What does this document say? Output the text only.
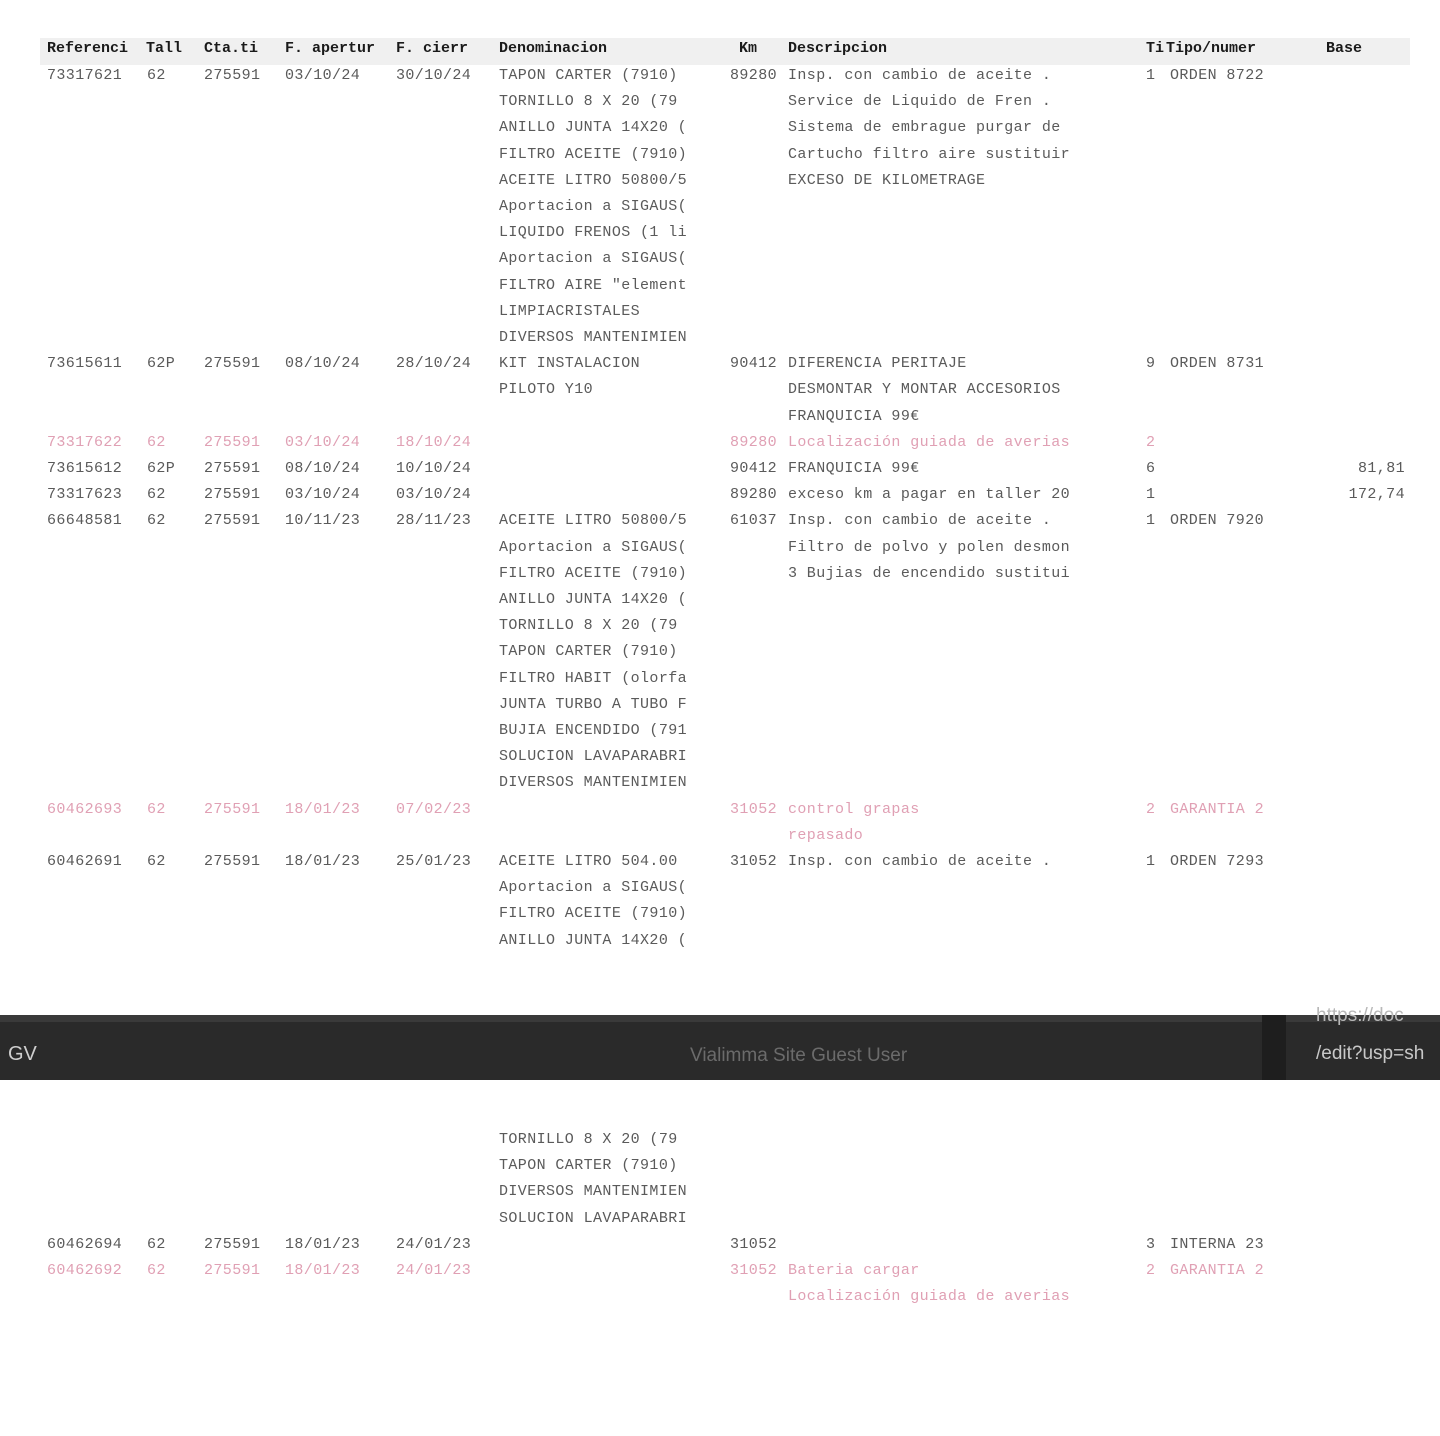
Referenci Tall Cta.ti F. apertur F. cierr Denominacion	Km Descripcion	Ti Tipo/numer	Base
73317621 62	275591 03/10/24 30/10/24 TAPON CARTER (7910)	89280 Insp. con cambio de aceite .	1 ORDEN 8722
TORNILLO 8 X 20 (79	Service de Liquido de Fren .
ANILLO JUNTA 14X20 (	Sistema de embrague purgar de
FILTRO ACEITE (7910)	Cartucho filtro aire sustituir
ACEITE LITRO 50800/5	EXCESO DE KILOMETRAGE
Aportacion a SIGAUS(
LIQUIDO FRENOS (1 li
Aportacion a SIGAUS(
FILTRO AIRE "element
LIMPIACRISTALES
DIVERSOS MANTENIMIEN
73615611 62P 275591 08/10/24 28/10/24 KIT INSTALACION	90412 DIFERENCIA PERITAJE	9 ORDEN 8731
PILOTO Y10	DESMONTAR Y MONTAR ACCESORIOS
FRANQUICIA 99€
73317622 62	275591 03/10/24 18/10/24	89280 Localización guiada de averias	2
73615612 62P 275591 08/10/24 10/10/24	90412 FRANQUICIA 99€	6	81,81
73317623 62	275591 03/10/24 03/10/24	89280 exceso km a pagar en taller 20	1	172,74
66648581 62	275591 10/11/23 28/11/23 ACEITE LITRO 50800/5	61037 Insp. con cambio de aceite .	1 ORDEN 7920
Aportacion a SIGAUS(	Filtro de polvo y polen desmon
FILTRO ACEITE (7910)	3 Bujias de encendido sustitui
ANILLO JUNTA 14X20 (
TORNILLO 8 X 20 (79
TAPON CARTER (7910)
FILTRO HABIT (olorfa
JUNTA TURBO A TUBO F
BUJIA ENCENDIDO (791
SOLUCION LAVAPARABRI
DIVERSOS MANTENIMIEN
60462693 62	275591 18/01/23 07/02/23	31052 control grapas	2 GARANTIA 2
repasado
60462691 62	275591 18/01/23 25/01/23 ACEITE LITRO 504.00	31052 Insp. con cambio de aceite .	1 ORDEN 7293
Aportacion a SIGAUS(
FILTRO ACEITE (7910)
ANILLO JUNTA 14X20 (
TORNILLO 8 X 20 (79
TAPON CARTER (7910)
DIVERSOS MANTENIMIEN
SOLUCION LAVAPARABRI
60462694 62	275591 18/01/23 24/01/23	31052	3 INTERNA 23
60462692 62	275591 18/01/23 24/01/23	31052 Bateria cargar	2 GARANTIA 2
Localización guiada de averias
GV	Vialimma Site Guest User
https://doc
/edit?usp=sh
